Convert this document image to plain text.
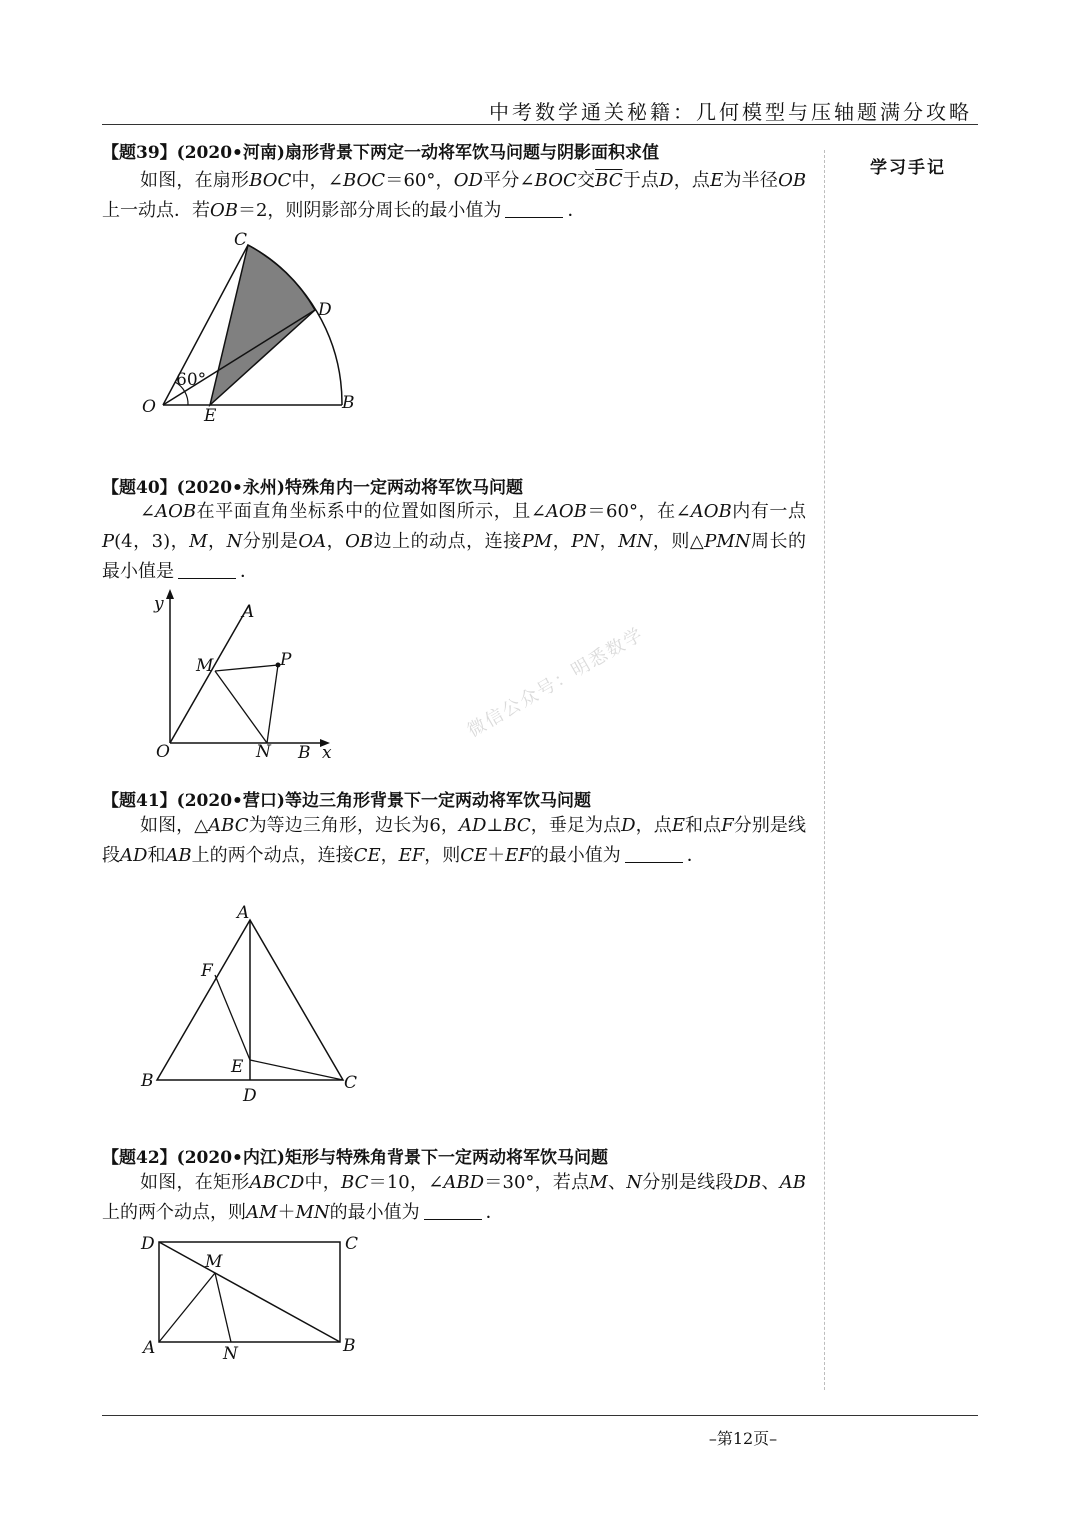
中考数学通关秘籍：几何模型与压轴题满分攻略
学习手记
【题39】(2020•河南)扇形背景下两定一动将军饮马问题与阴影面积求值
如图，在扇形BOC中，∠BOC＝60°，OD平分∠BOC交$\overline{BC}$于点D，点E为半径OB上一动点．若OB＝2，则阴影部分周长的最小值为	．
C
D
O	E
B
60°
【题40】(2020•永州)特殊角内一定两动将军饮马问题
∠AOB在平面直角坐标系中的位置如图所示，且∠AOB＝60°，在∠AOB内有一点P(4，3)，M，N分别是OA，OB边上的动点，连接PM，PN，MN，则△PMN周长的最小值是	．
y	A
M	P
O	N B x
微信公众号：明悉数学
【题41】(2020•营口)等边三角形背景下一定两动将军饮马问题
如图，△ABC为等边三角形，边长为6，AD⊥BC，垂足为点D，点E和点F分别是线段AD和AB上的两个动点，连接CE，EF，则CE＋EF的最小值为	．
A
F
E
B
D
C
【题42】(2020•内江)矩形与特殊角背景下一定两动将军饮马问题
如图，在矩形ABCD中，BC＝10，∠ABD＝30°，若点M、N分别是线段DB、AB上的两个动点，则AM＋MN的最小值为	．
D	C
M
A	N	B
–第12页–
